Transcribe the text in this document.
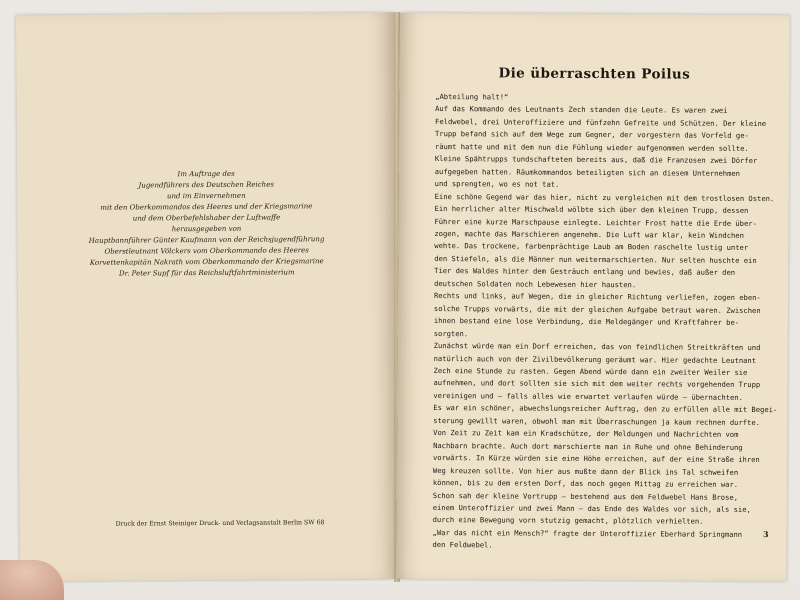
Im Auftrage des
Jugendführers des Deutschen Reiches
und im Einvernehmen
mit den Oberkommandos des Heeres und der Kriegsmarine
und dem Oberbefehlshaber der Luftwaffe
herausgegeben von
Hauptbannführer Günter Kaufmann von der Reichsjugendführung
Oberstleutnant Völckers vom Oberkommando des Heeres
Korvettenkapitän Nakrath vom Oberkommando der Kriegsmarine
Dr. Peter Supf für das Reichsluftfahrtministerium
Druck der Ernst Steiniger Druck- und Verlagsanstalt Berlin SW 68
Die überraschten Poilus
„Abteilung halt!“
Auf das Kommando des Leutnants Zech standen die Leute. Es waren zwei
Feldwebel, drei Unteroffiziere und fünfzehn Gefreite und Schützen. Der kleine
Trupp befand sich auf dem Wege zum Gegner, der vorgestern das Vorfeld ge-
räumt hatte und mit dem nun die Fühlung wieder aufgenommen werden sollte.
Kleine Spähtrupps tundschafteten bereits aus, daß die Franzosen zwei Dörfer
aufgegeben hatten. Räumkommandos beteiligten sich an diesem Unternehmen
und sprengten, wo es not tat.
Eine schöne Gegend war das hier, nicht zu vergleichen mit dem trostlosen Osten.
Ein herrlicher alter Mischwald wölbte sich über dem kleinen Trupp, dessen
Führer eine kurze Marschpause einlegte. Leichter Frost hatte die Erde über-
zogen, machte das Marschieren angenehm. Die Luft war klar, kein Windchen
wehte. Das trockene, farbenprächtige Laub am Boden raschelte lustig unter
den Stiefeln, als die Männer nun weitermarschierten. Nur selten huschte ein
Tier des Waldes hinter dem Gesträuch entlang und bewies, daß außer den
deutschen Soldaten noch Lebewesen hier hausten.
Rechts und links, auf Wegen, die in gleicher Richtung verliefen, zogen eben-
solche Trupps vorwärts, die mit der gleichen Aufgabe betraut waren. Zwischen
ihnen bestand eine lose Verbindung, die Meldegänger und Kraftfahrer be-
sorgten.
Zunächst würde man ein Dorf erreichen, das von feindlichen Streitkräften und
natürlich auch von der Zivilbevölkerung geräumt war. Hier gedachte Leutnant
Zech eine Stunde zu rasten. Gegen Abend würde dann ein zweiter Weiler sie
aufnehmen, und dort sollten sie sich mit dem weiter rechts vorgehenden Trupp
vereinigen und — falls alles wie erwartet verlaufen würde — übernachten.
Es war ein schöner, abwechslungsreicher Auftrag, den zu erfüllen alle mit Begei-
sterung gewillt waren, obwohl man mit Überraschungen ja kaum rechnen durfte.
Von Zeit zu Zeit kam ein Kradschütze, der Meldungen und Nachrichten vom
Nachbarn brachte. Auch dort marschierte man in Ruhe und ohne Behinderung
vorwärts. In Kürze würden sie eine Höhe erreichen, auf der eine Straße ihren
Weg kreuzen sollte. Von hier aus mußte dann der Blick ins Tal schweifen
können, bis zu dem ersten Dorf, das noch gegen Mittag zu erreichen war.
Schon sah der kleine Vortrupp — bestehend aus dem Feldwebel Hans Brose,
einem Unteroffizier und zwei Mann — das Ende des Waldes vor sich, als sie,
durch eine Bewegung vorn stutzig gemacht, plötzlich verhielten.
„War das nicht ein Mensch?“ fragte der Unteroffizier Eberhard Springmann
den Feldwebel.
3
